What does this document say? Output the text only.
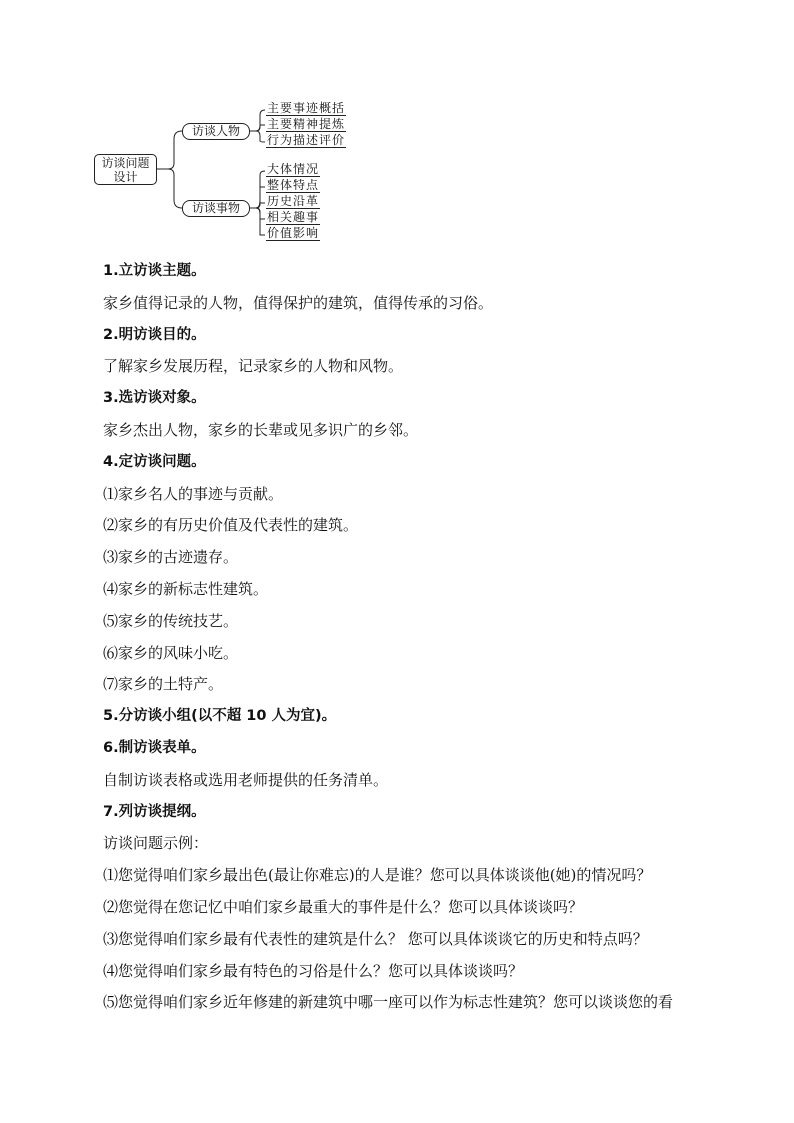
访谈问题
设计
访谈人物
访谈事物
主要事迹概括
主要精神提炼
行为描述评价
大体情况
整体特点
历史沿革
相关趣事
价值影响
1.立访谈主题。
家乡值得记录的人物，值得保护的建筑，值得传承的习俗。
2.明访谈目的。
了解家乡发展历程，记录家乡的人物和风物。
3.选访谈对象。
家乡杰出人物，家乡的长辈或见多识广的乡邻。
4.定访谈问题。
⑴家乡名人的事迹与贡献。
⑵家乡的有历史价值及代表性的建筑。
⑶家乡的古迹遗存。
⑷家乡的新标志性建筑。
⑸家乡的传统技艺。
⑹家乡的风味小吃。
⑺家乡的土特产。
5.分访谈小组(以不超 10 人为宜)。
6.制访谈表单。
自制访谈表格或选用老师提供的任务清单。
7.列访谈提纲。
访谈问题示例：
⑴您觉得咱们家乡最出色(最让你难忘)的人是谁？您可以具体谈谈他(她)的情况吗？
⑵您觉得在您记忆中咱们家乡最重大的事件是什么？您可以具体谈谈吗？
⑶您觉得咱们家乡最有代表性的建筑是什么？ 您可以具体谈谈它的历史和特点吗？
⑷您觉得咱们家乡最有特色的习俗是什么？您可以具体谈谈吗？
⑸您觉得咱们家乡近年修建的新建筑中哪一座可以作为标志性建筑？您可以谈谈您的看
